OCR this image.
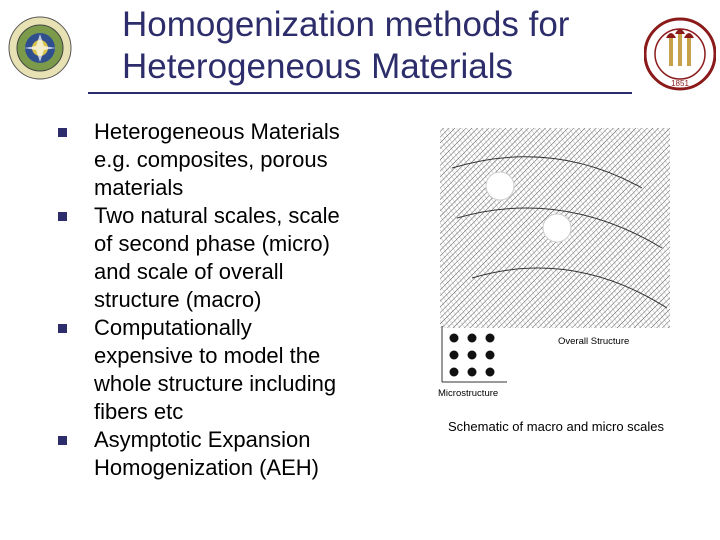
1851
Homogenization methods for
Heterogeneous Materials
Heterogeneous Materials
e.g. composites, porous
materials
Two natural scales, scale
of second phase (micro)
and scale of overall
structure (macro)
Computationally
expensive to model the
whole structure including
fibers etc
Asymptotic Expansion
Homogenization (AEH)
Overall Structure
Microstructure
Schematic of macro and micro scales
